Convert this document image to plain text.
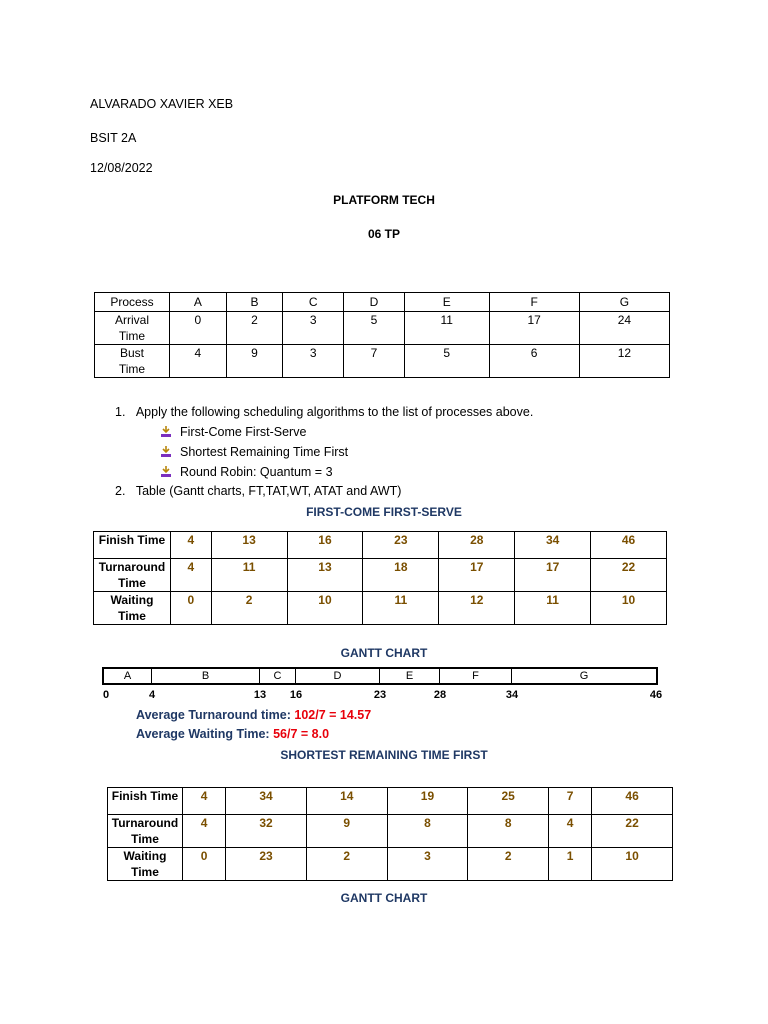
ALVARADO XAVIER XEB
BSIT 2A
12/08/2022
PLATFORM TECH
06 TP
Process	A	B	C	D	E	F	G
Arrival
Time	0	2	3	5	11	17	24
Bust
Time	4	9	3	7	5	6	12
1.   Apply the following scheduling algorithms to the list of processes above.
First-Come First-Serve
Shortest Remaining Time First
Round Robin: Quantum = 3
2.   Table (Gantt charts, FT,TAT,WT, ATAT and AWT)
FIRST-COME FIRST-SERVE
Finish Time	4	13	16	23	28	34	46
Turnaround
Time	4	11	13	18	17	17	22
Waiting
Time	0	2	10	11	12	11	10
GANTT CHART
A	B	C	D	E	F	G
0	4	13 16	23	28	34	46
Average Turnaround time: 102/7 = 14.57
Average Waiting Time: 56/7 = 8.0
SHORTEST REMAINING TIME FIRST
Finish Time	4	34	14	19	25	7	46
Turnaround
Time	4	32	9	8	8	4	22
Waiting
Time	0	23	2	3	2	1	10
GANTT CHART
